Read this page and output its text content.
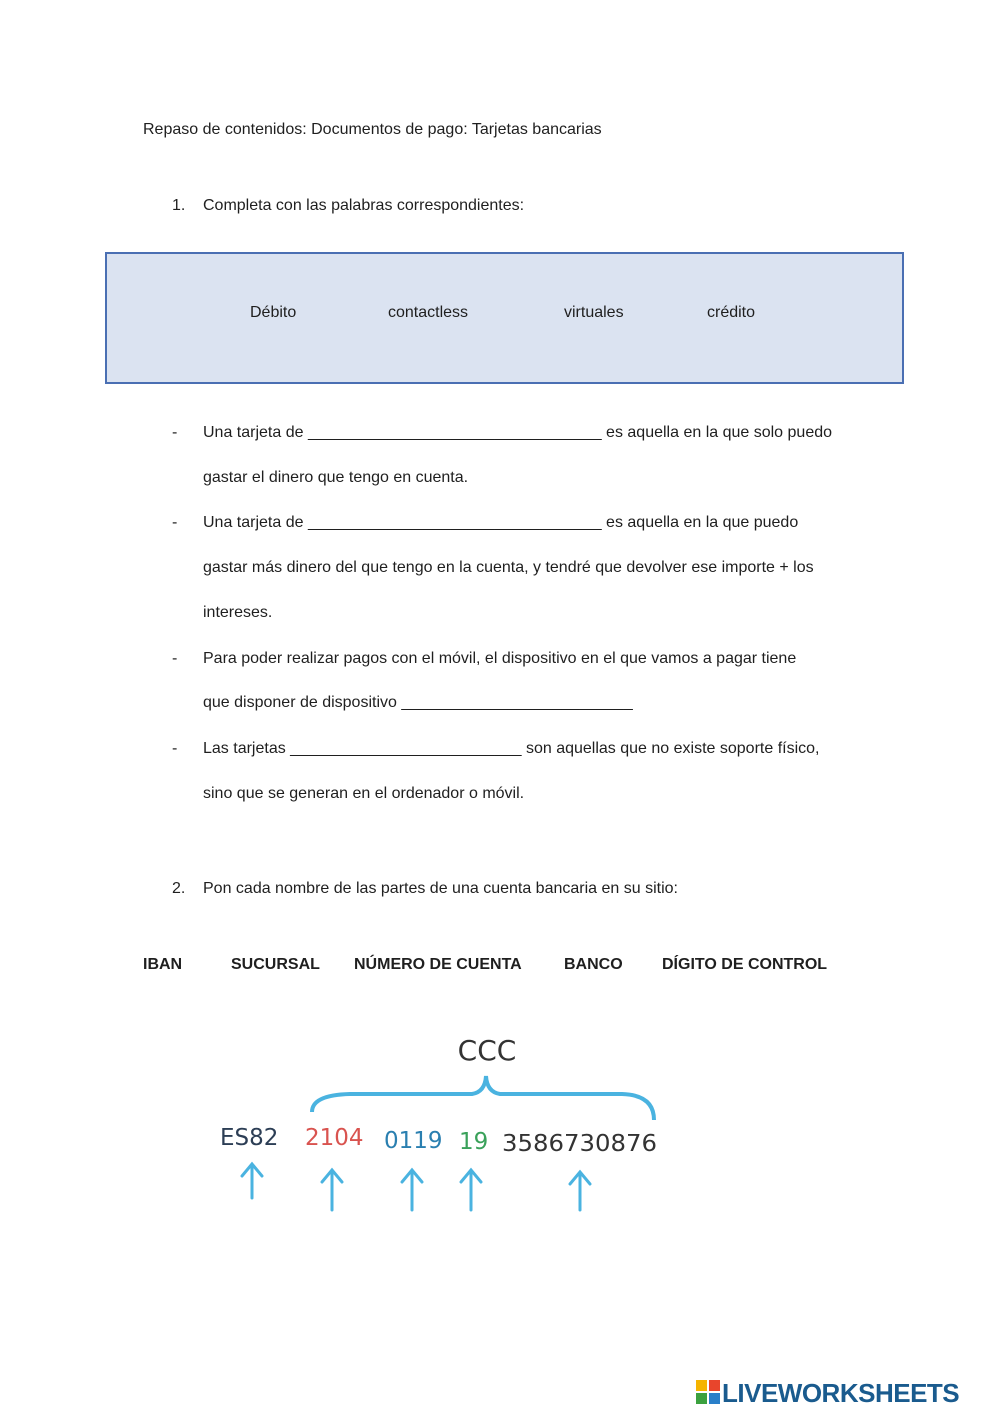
Repaso de contenidos: Documentos de pago: Tarjetas bancarias
1. Completa con las palabras correspondientes:
Débito	contactless	virtuales	crédito
- Una tarjeta de _________________________________ es aquella en la que solo puedo
gastar el dinero que tengo en cuenta.
- Una tarjeta de _________________________________ es aquella en la que puedo
gastar más dinero del que tengo en la cuenta, y tendré que devolver ese importe + los
intereses.
- Para poder realizar pagos con el móvil, el dispositivo en el que vamos a pagar tiene
que disponer de dispositivo __________________________
- Las tarjetas __________________________ son aquellas que no existe soporte físico,
sino que se generan en el ordenador o móvil.
2. Pon cada nombre de las partes de una cuenta bancaria en su sitio:
IBAN	SUCURSAL NÚMERO DE CUENTA	BANCO DÍGITO DE CONTROL
CCC
ES82 2104 0119 19 3586730876
LIVEWORKSHEETS
